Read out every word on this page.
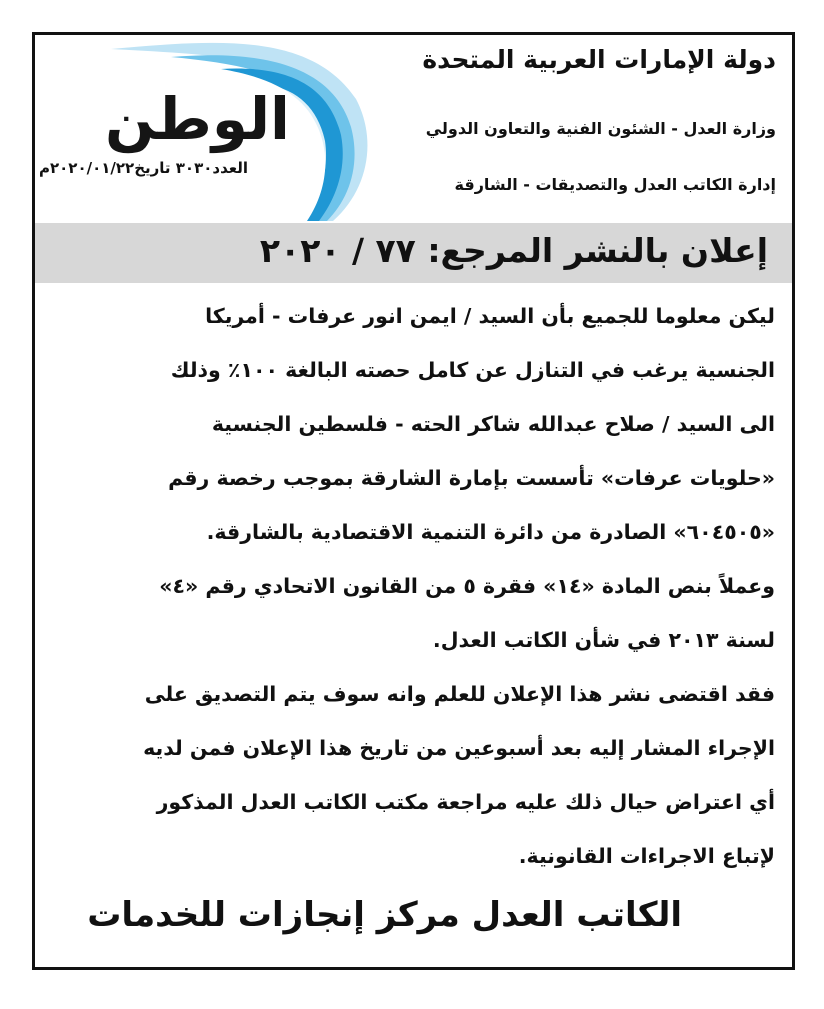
دولة الإمارات العربية المتحدة
وزارة العدل - الشئون الفنية والتعاون الدولي
إدارة الكاتب العدل والتصديقات - الشارقة
الوطن
العدد٣٠٣٠ تاريخ٢٠٢٠/٠١/٢٢م
إعلان بالنشر المرجع: ٧٧ / ٢٠٢٠
ليكن معلوما للجميع بأن السيد / ايمن انور عرفات - أمريكا
الجنسية يرغب في التنازل عن كامل حصته البالغة ١٠٠٪ وذلك
الى السيد / صلاح عبدالله شاكر الحته - فلسطين الجنسية
«حلويات عرفات» تأسست بإمارة الشارقة بموجب رخصة رقم
«٦٠٤٥٠٥» الصادرة من دائرة التنمية الاقتصادية بالشارقة.
وعملاً بنص المادة «١٤» فقرة ٥ من القانون الاتحادي رقم «٤»
لسنة ٢٠١٣ في شأن الكاتب العدل.
فقد اقتضى نشر هذا الإعلان للعلم وانه سوف يتم التصديق على
الإجراء المشار إليه بعد أسبوعين من تاريخ هذا الإعلان فمن لديه
أي اعتراض حيال ذلك عليه مراجعة مكتب الكاتب العدل المذكور
لإتباع الاجراءات القانونية.
الكاتب العدل مركز إنجازات للخدمات
